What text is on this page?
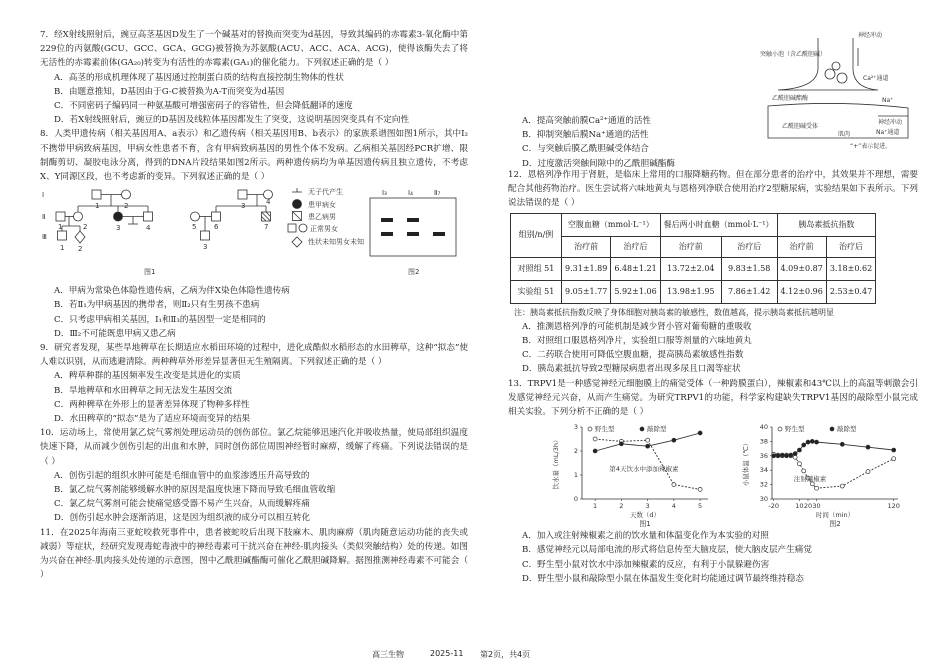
7．经X射线照射后，豌豆高茎基因D发生了一个碱基对的替换而突变为d基因，导致其编码的赤霉素3-氧化酶中第229位的丙氨酸(GCU、GCC、GCA、GCG)被替换为苏氨酸(ACU、ACC、ACA、ACG)，使得该酶失去了将无活性的赤霉素前体(GA₂₀)转变为有活性的赤霉素(GA₁)的催化能力。下列叙述正确的是（ ）

A．高茎的形成机理体现了基因通过控制蛋白质的结构直接控制生物体的性状

B．由题意推知，D基因由于G-C被替换为A-T而突变为d基因

C．不同密码子编码同一种氨基酸可增强密码子的容错性，但会降低翻译的速度

D．若X射线照射后，豌豆的D基因及线粒体基因都发生了突变，这说明基因突变具有不定向性

8．人类甲遗传病（相关基因用A、a表示）和乙遗传病（相关基因用B、b表示）的家族系谱图如图1所示，其中Ⅰ₂不携带甲病致病基因，甲病女性患者不育，含有甲病致病基因的男性个体不发病。乙病相关基因经PCR扩增、限制酶剪切、凝胶电泳分离，得到的DNA片段结果如图2所示。两种遗传病均为单基因遗传病且独立遗传，不考虑X、Y同源区段，也不考虑新的变异。下列叙述正确的是（ ）

Ⅰ
Ⅱ
Ⅲ
1	2	3	4
1	2	3	4	5	6	7
1 2	3
图1	图2
无子代产生
患甲病女
患乙病男
正常男女
性状未知男女未知
Ⅰ₃	Ⅰ₄	Ⅱ₇

A．甲病为常染色体隐性遗传病，乙病为伴X染色体隐性遗传病

B．若Ⅱ₁为甲病基因的携带者，则Ⅱ₂只有生男孩不患病

C．只考虑甲病相关基因，Ⅰ₁和Ⅱ₃的基因型一定是相同的

D．Ⅲ₂不可能既患甲病又患乙病

9．研究者发现，某些旱地稗草在长期适应水稻田环境的过程中，进化成酷似水稻形态的水田稗草，这种“拟态”使人难以识别，从而逃避清除。两种稗草外形差异显著但无生殖隔离。下列叙述正确的是（ ）

A．稗草种群的基因频率发生改变是其进化的实质

B．旱地稗草和水田稗草之间无法发生基因交流

C．两种稗草在外形上的显著差异体现了物种多样性

D．水田稗草的“拟态”是为了适应环境而变异的结果

10．运动场上，常使用氯乙烷气雾剂处理运动员的创伤部位。氯乙烷能够迅速汽化并吸收热量，使局部组织温度快速下降，从而减少创伤引起的出血和水肿，同时创伤部位周围神经暂时麻痹，缓解了疼痛。下列说法错误的是（ ）

A．创伤引起的组织水肿可能是毛细血管中的血浆渗透压升高导致的

B．氯乙烷气雾剂能够缓解水肿的原因是温度快速下降而导致毛细血管收缩

C．氯乙烷气雾剂可能会使痛觉感受器不易产生兴奋，从而缓解疼痛

D．创伤引起水肿会逐渐消退，这是因为组织液的成分可以相互转化

11．在2025年海南三亚蛇咬救死事件中，患者被蛇咬后出现下肢麻木、肌肉麻痹（肌肉随意运动功能的丧失或减弱）等症状，经研究发现毒蛇毒液中的神经毒素可干扰兴奋在神经-肌肉接头（类似突触结构）处的传递。如图为兴奋在神经-肌肉接头处传递的示意图，图中乙酰胆碱酯酶可催化乙酰胆碱降解。据图推测神经毒素不可能会（ ）

A．提高突触前膜Ca²⁺通道的活性

B．抑制突触后膜Na⁺通道的活性

C．与突触后膜乙酰胆碱受体结合

D．过度激活突触间隙中的乙酰胆碱酯酶

神经冲动
突触小泡（含乙酰胆碱）
Ca²⁺通道
乙酰胆碱酯酶	Na⁺
神经冲动
乙酰胆碱受体
肌肉	Na⁺通道
“+”表示促进。

12．恩格列净作用于肾脏，是临床上常用的口服降糖药物。但在部分患者的治疗中，其效果并不理想，需要配合其他药物治疗。医生尝试将六味地黄丸与恩格列净联合使用治疗2型糖尿病，实验结果如下表所示。下列说法错误的是（ ）

组别/n/例	空腹血糖（mmol·L⁻¹）		餐后两小时血糖（mmol·L⁻¹）		胰岛素抵抗指数	
	治疗前	治疗后	治疗前	治疗后	治疗前	治疗后
对照组 51	9.31±1.89	6.48±1.21	13.72±2.04	9.83±1.58	4.09±0.87	3.18±0.62
实验组 51	9.05±1.77	5.92±1.06	13.98±1.95	7.86±1.42	4.12±0.96	2.53±0.47

注：胰岛素抵抗指数反映了身体细胞对胰岛素的敏感性，数值越高，提示胰岛素抵抗越明显

A．推测恩格列净的可能机制是减少肾小管对葡萄糖的重吸收

B．对照组口服恩格列净片，实验组口服等剂量的六味地黄丸

C．二药联合使用可降低空腹血糖，提高胰岛素敏感性指数

D．胰岛素抵抗导致2型糖尿病患者出现多尿且口渴等症状

13．TRPV1是一种感觉神经元细胞膜上的痛觉受体（一种跨膜蛋白），辣椒素和43℃以上的高温等刺激会引发感觉神经元兴奋，从而产生痛觉。为研究TRPV1的功能，科学家构建缺失TRPV1基因的敲除型小鼠完成相关实验。下列分析不正确的是（ ）

0
1
2
3
1	2	3	4	5
天数（d）
饮水量（mL/3h）
图1
野生型	敲除型
第4天饮水中添加辣椒素
30
32
34
36
38
40
-20	10 20 30	120
时间（min）
小鼠体温（℃）
图2
野生型	敲除型
注射辣椒素

A．加入或注射辣椒素之前的饮水量和体温变化作为本实验的对照

B．感觉神经元以局部电流的形式将信息传至大脑皮层，使大脑皮层产生痛觉

C．野生型小鼠对饮水中添加辣椒素的反应，有利于小鼠躲避伤害

D．野生型小鼠和敲除型小鼠在体温发生变化时均能通过调节最终维持稳态

高三生物	2025-11 第2页，共4页
